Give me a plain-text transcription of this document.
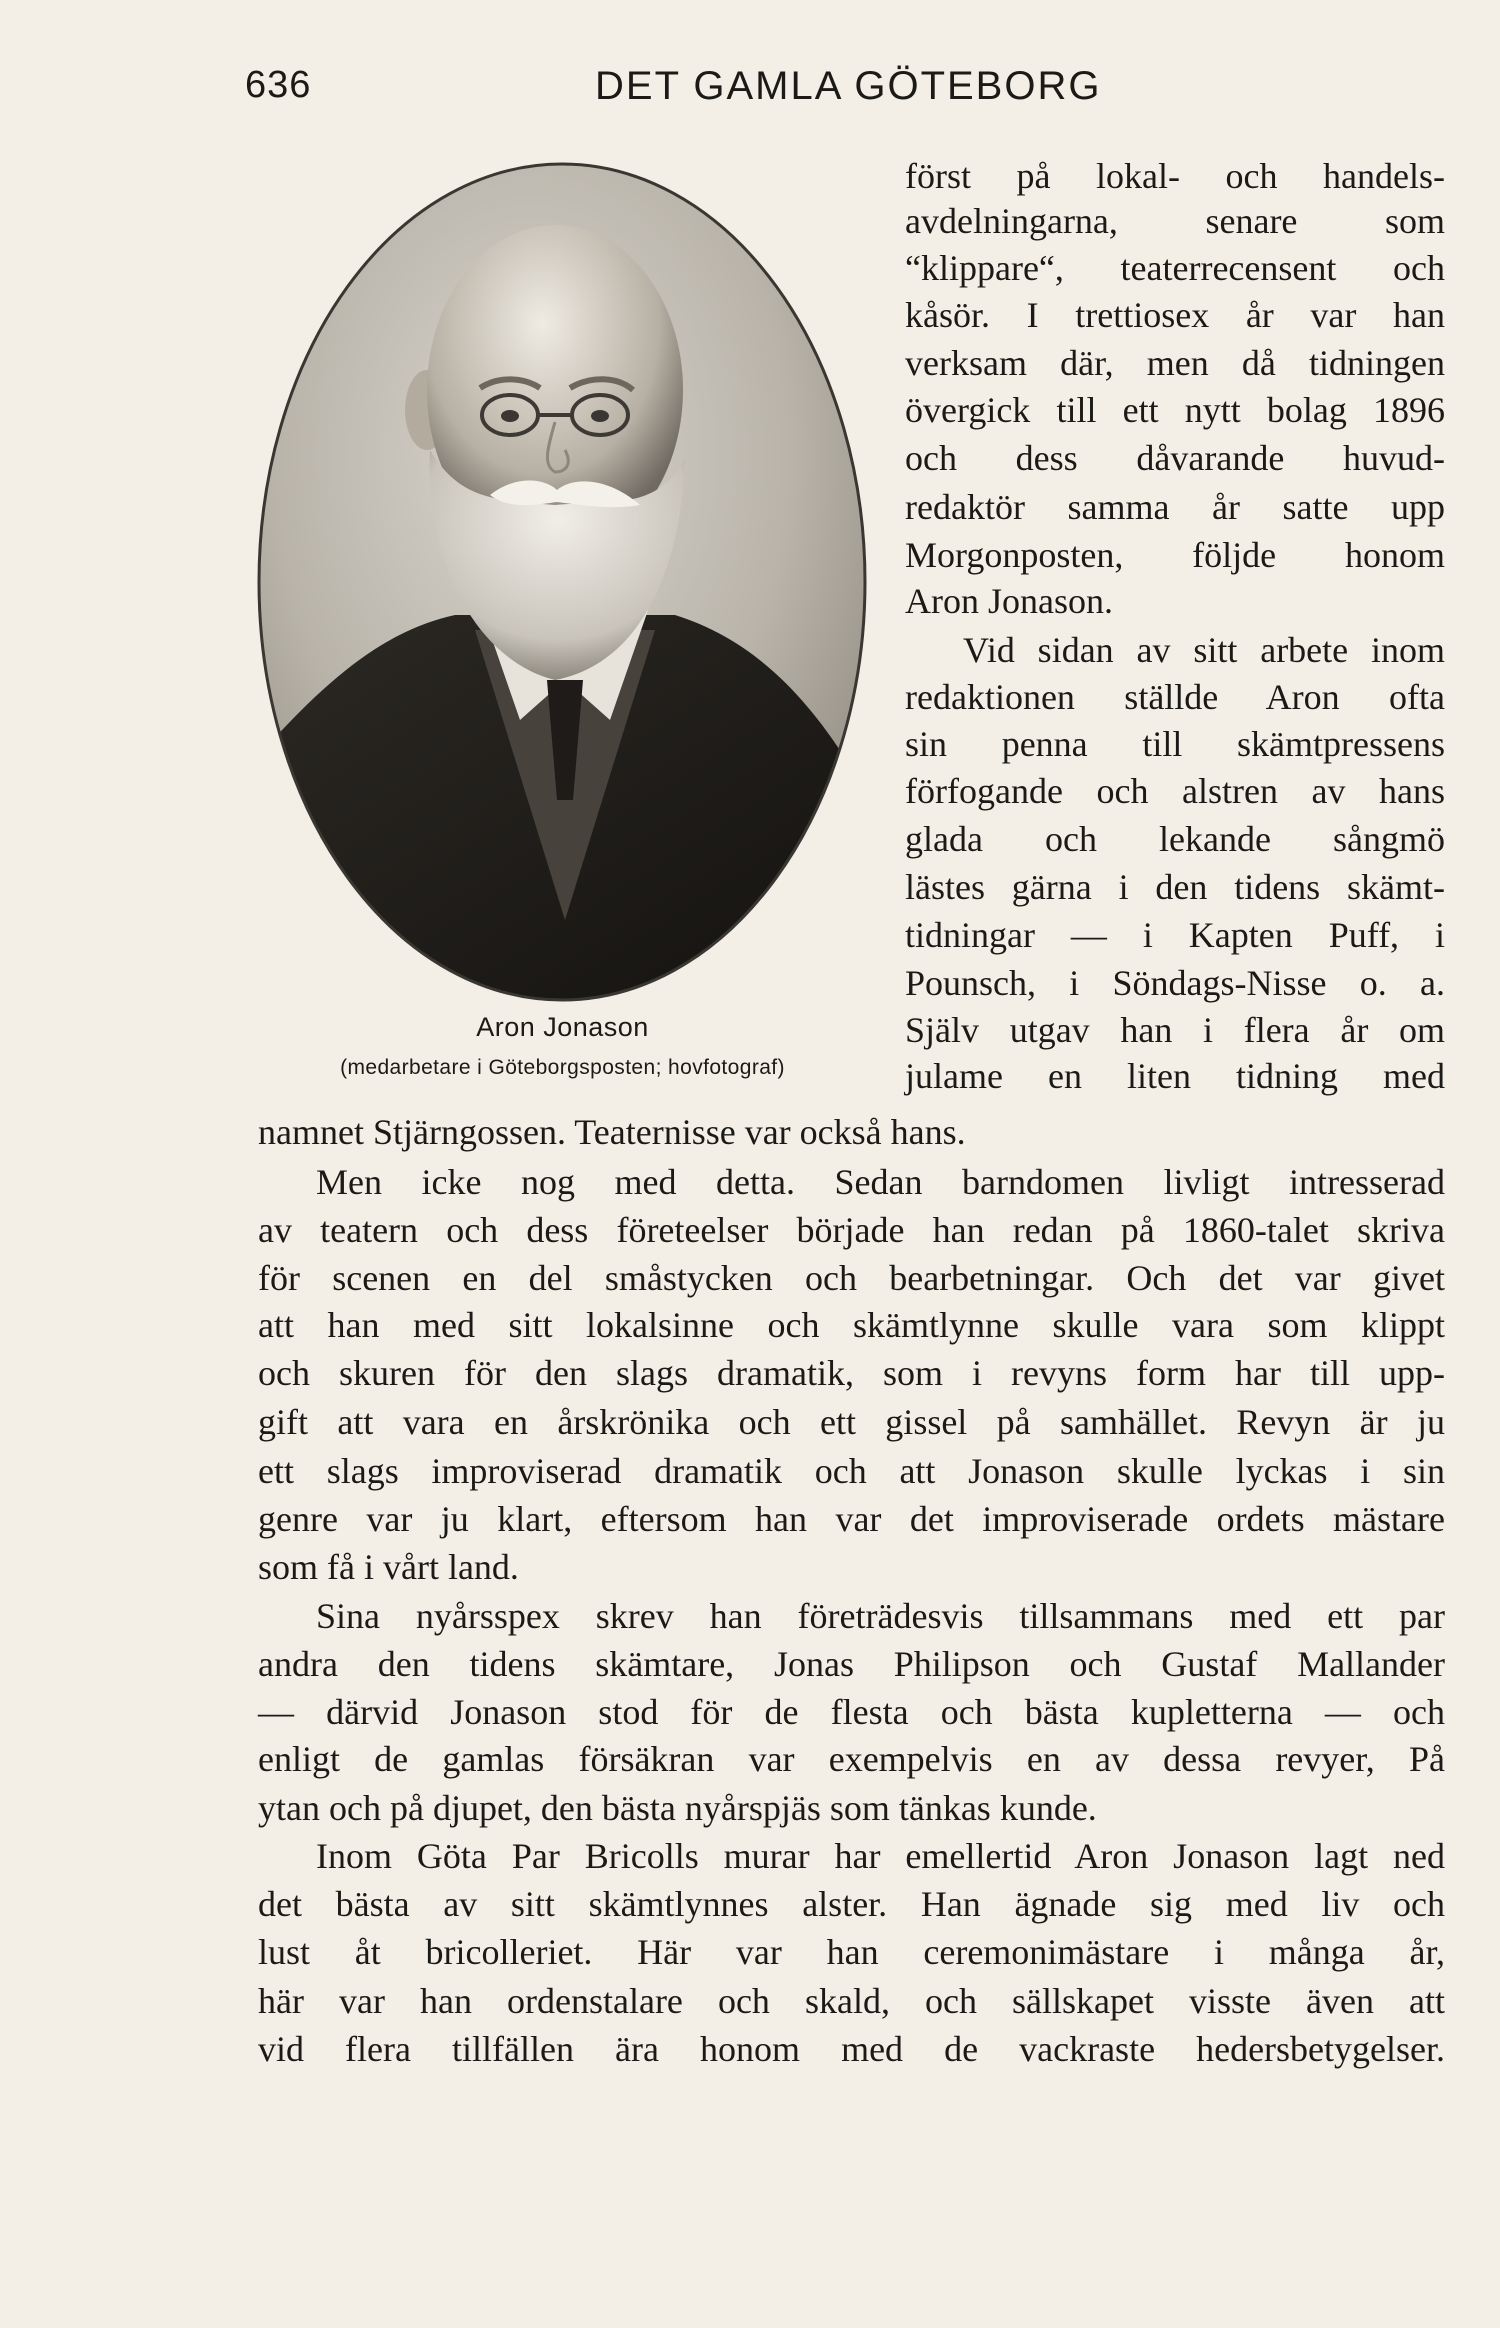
636	DET GAMLA GÖTEBORG
Aron Jonason
(medarbetare i Göteborgsposten; hovfotograf)
först på lokal- och handels-
avdelningarna, senare som
“klippare“, teaterrecensent och
kåsör. I trettiosex år var han
verksam där, men då tidningen
övergick till ett nytt bolag 1896
och dess dåvarande huvud-
redaktör samma år satte upp
Morgonposten, följde honom
Aron Jonason.
Vid sidan av sitt arbete inom
redaktionen ställde Aron ofta
sin penna till skämtpressens
förfogande och alstren av hans
glada och lekande sångmö
lästes gärna i den tidens skämt-
tidningar — i Kapten Puff, i
Pounsch, i Söndags-Nisse o. a.
Själv utgav han i flera år om
julame en liten tidning med
namnet Stjärngossen. Teaternisse var också hans.
Men icke nog med detta. Sedan barndomen livligt intresserad
av teatern och dess företeelser började han redan på 1860-talet skriva
för scenen en del småstycken och bearbetningar. Och det var givet
att han med sitt lokalsinne och skämtlynne skulle vara som klippt
och skuren för den slags dramatik, som i revyns form har till upp-
gift att vara en årskrönika och ett gissel på samhället. Revyn är ju
ett slags improviserad dramatik och att Jonason skulle lyckas i sin
genre var ju klart, eftersom han var det improviserade ordets mästare
som få i vårt land.
Sina nyårsspex skrev han företrädesvis tillsammans med ett par
andra den tidens skämtare, Jonas Philipson och Gustaf Mallander
— därvid Jonason stod för de flesta och bästa kupletterna — och
enligt de gamlas försäkran var exempelvis en av dessa revyer, På
ytan och på djupet, den bästa nyårspjäs som tänkas kunde.
Inom Göta Par Bricolls murar har emellertid Aron Jonason lagt ned
det bästa av sitt skämtlynnes alster. Han ägnade sig med liv och
lust åt bricolleriet. Här var han ceremonimästare i många år,
här var han ordenstalare och skald, och sällskapet visste även att
vid flera tillfällen ära honom med de vackraste hedersbetygelser.
